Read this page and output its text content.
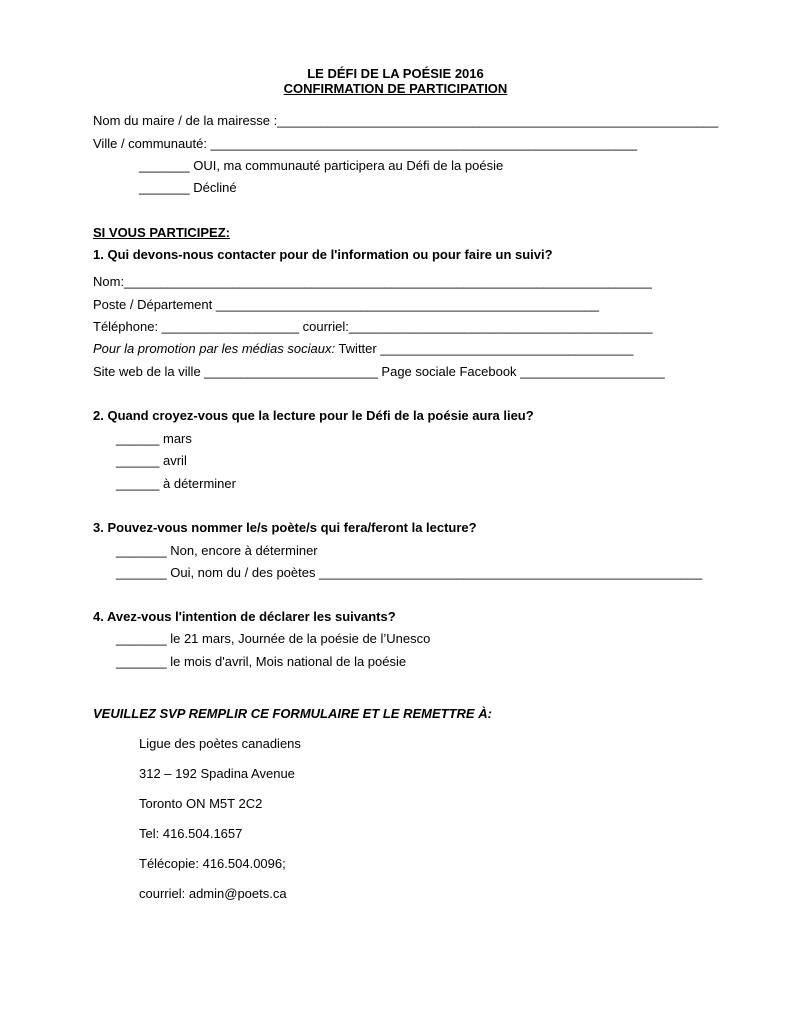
LE DÉFI DE LA POÉSIE 2016
CONFIRMATION DE PARTICIPATION
Nom du maire / de la mairesse :_____________________________________________________________
Ville / communauté: ___________________________________________________________
_______ OUI, ma communauté participera au Défi de la poésie
_______ Décliné
SI VOUS PARTICIPEZ:
1. Qui devons-nous contacter pour de l'information ou pour faire un suivi?
Nom:_________________________________________________________________________
Poste / Département _____________________________________________________
Téléphone: ___________________ courriel:__________________________________________
Pour la promotion par les médias sociaux: Twitter ___________________________________
Site web de la ville ________________________ Page sociale Facebook ____________________
2. Quand croyez-vous que la lecture pour le Défi de la poésie aura lieu?
______ mars
______ avril
______ à déterminer
3. Pouvez-vous nommer le/s poète/s qui fera/feront la lecture?
_______ Non, encore à déterminer
_______ Oui, nom du / des poètes _____________________________________________________
4. Avez-vous l'intention de déclarer les suivants?
_______ le 21 mars, Journée de la poésie de l’Unesco
_______ le mois d'avril, Mois national de la poésie
VEUILLEZ SVP REMPLIR CE FORMULAIRE ET LE REMETTRE À:
Ligue des poètes canadiens
312 – 192 Spadina Avenue
Toronto ON M5T 2C2
Tel: 416.504.1657
Télécopie: 416.504.0096;
courriel: admin@poets.ca
